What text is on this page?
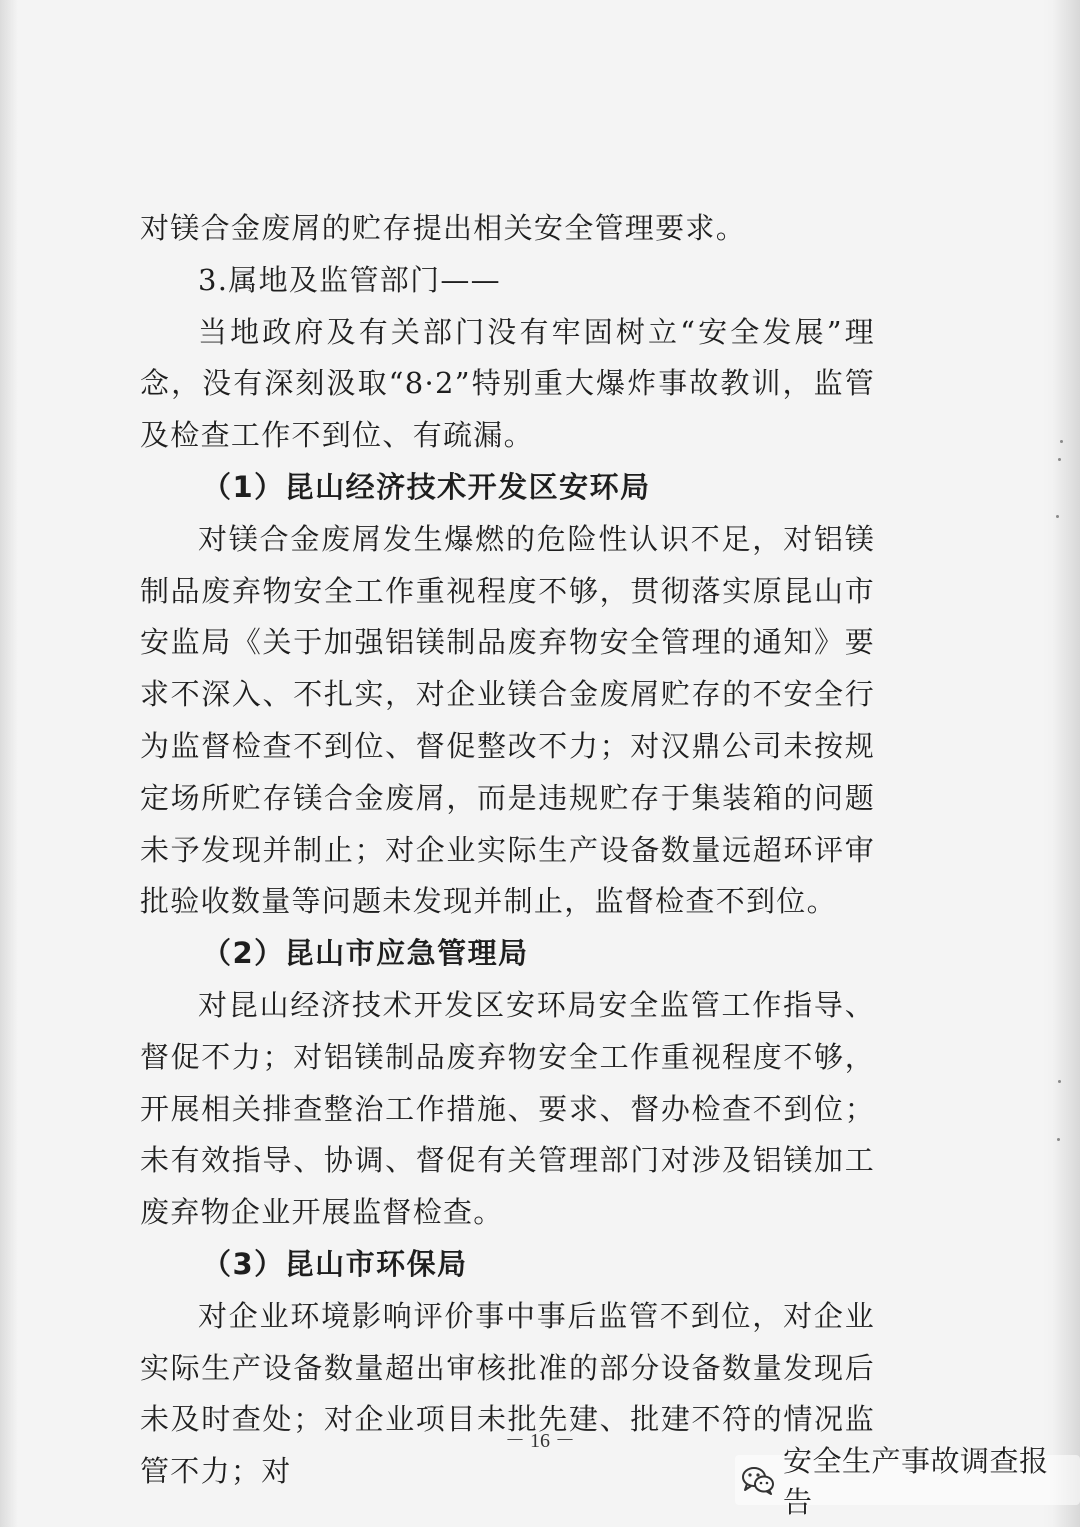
对镁合金废屑的贮存提出相关安全管理要求。

3.属地及监管部门——

当地政府及有关部门没有牢固树立“安全发展”理念，没有深刻汲取“8·2”特别重大爆炸事故教训，监管及检查工作不到位、有疏漏。

（1）昆山经济技术开发区安环局

对镁合金废屑发生爆燃的危险性认识不足，对铝镁制品废弃物安全工作重视程度不够，贯彻落实原昆山市安监局《关于加强铝镁制品废弃物安全管理的通知》要求不深入、不扎实，对企业镁合金废屑贮存的不安全行为监督检查不到位、督促整改不力；对汉鼎公司未按规定场所贮存镁合金废屑，而是违规贮存于集装箱的问题未予发现并制止；对企业实际生产设备数量远超环评审批验收数量等问题未发现并制止，监督检查不到位。

（2）昆山市应急管理局

对昆山经济技术开发区安环局安全监管工作指导、督促不力；对铝镁制品废弃物安全工作重视程度不够，开展相关排查整治工作措施、要求、督办检查不到位；未有效指导、协调、督促有关管理部门对涉及铝镁加工废弃物企业开展监督检查。

（3）昆山市环保局

对企业环境影响评价事中事后监管不到位，对企业实际生产设备数量超出审核批准的部分设备数量发现后未及时查处；对企业项目未批先建、批建不符的情况监管不力；对

－ 16 －
安全生产事故调查报告
